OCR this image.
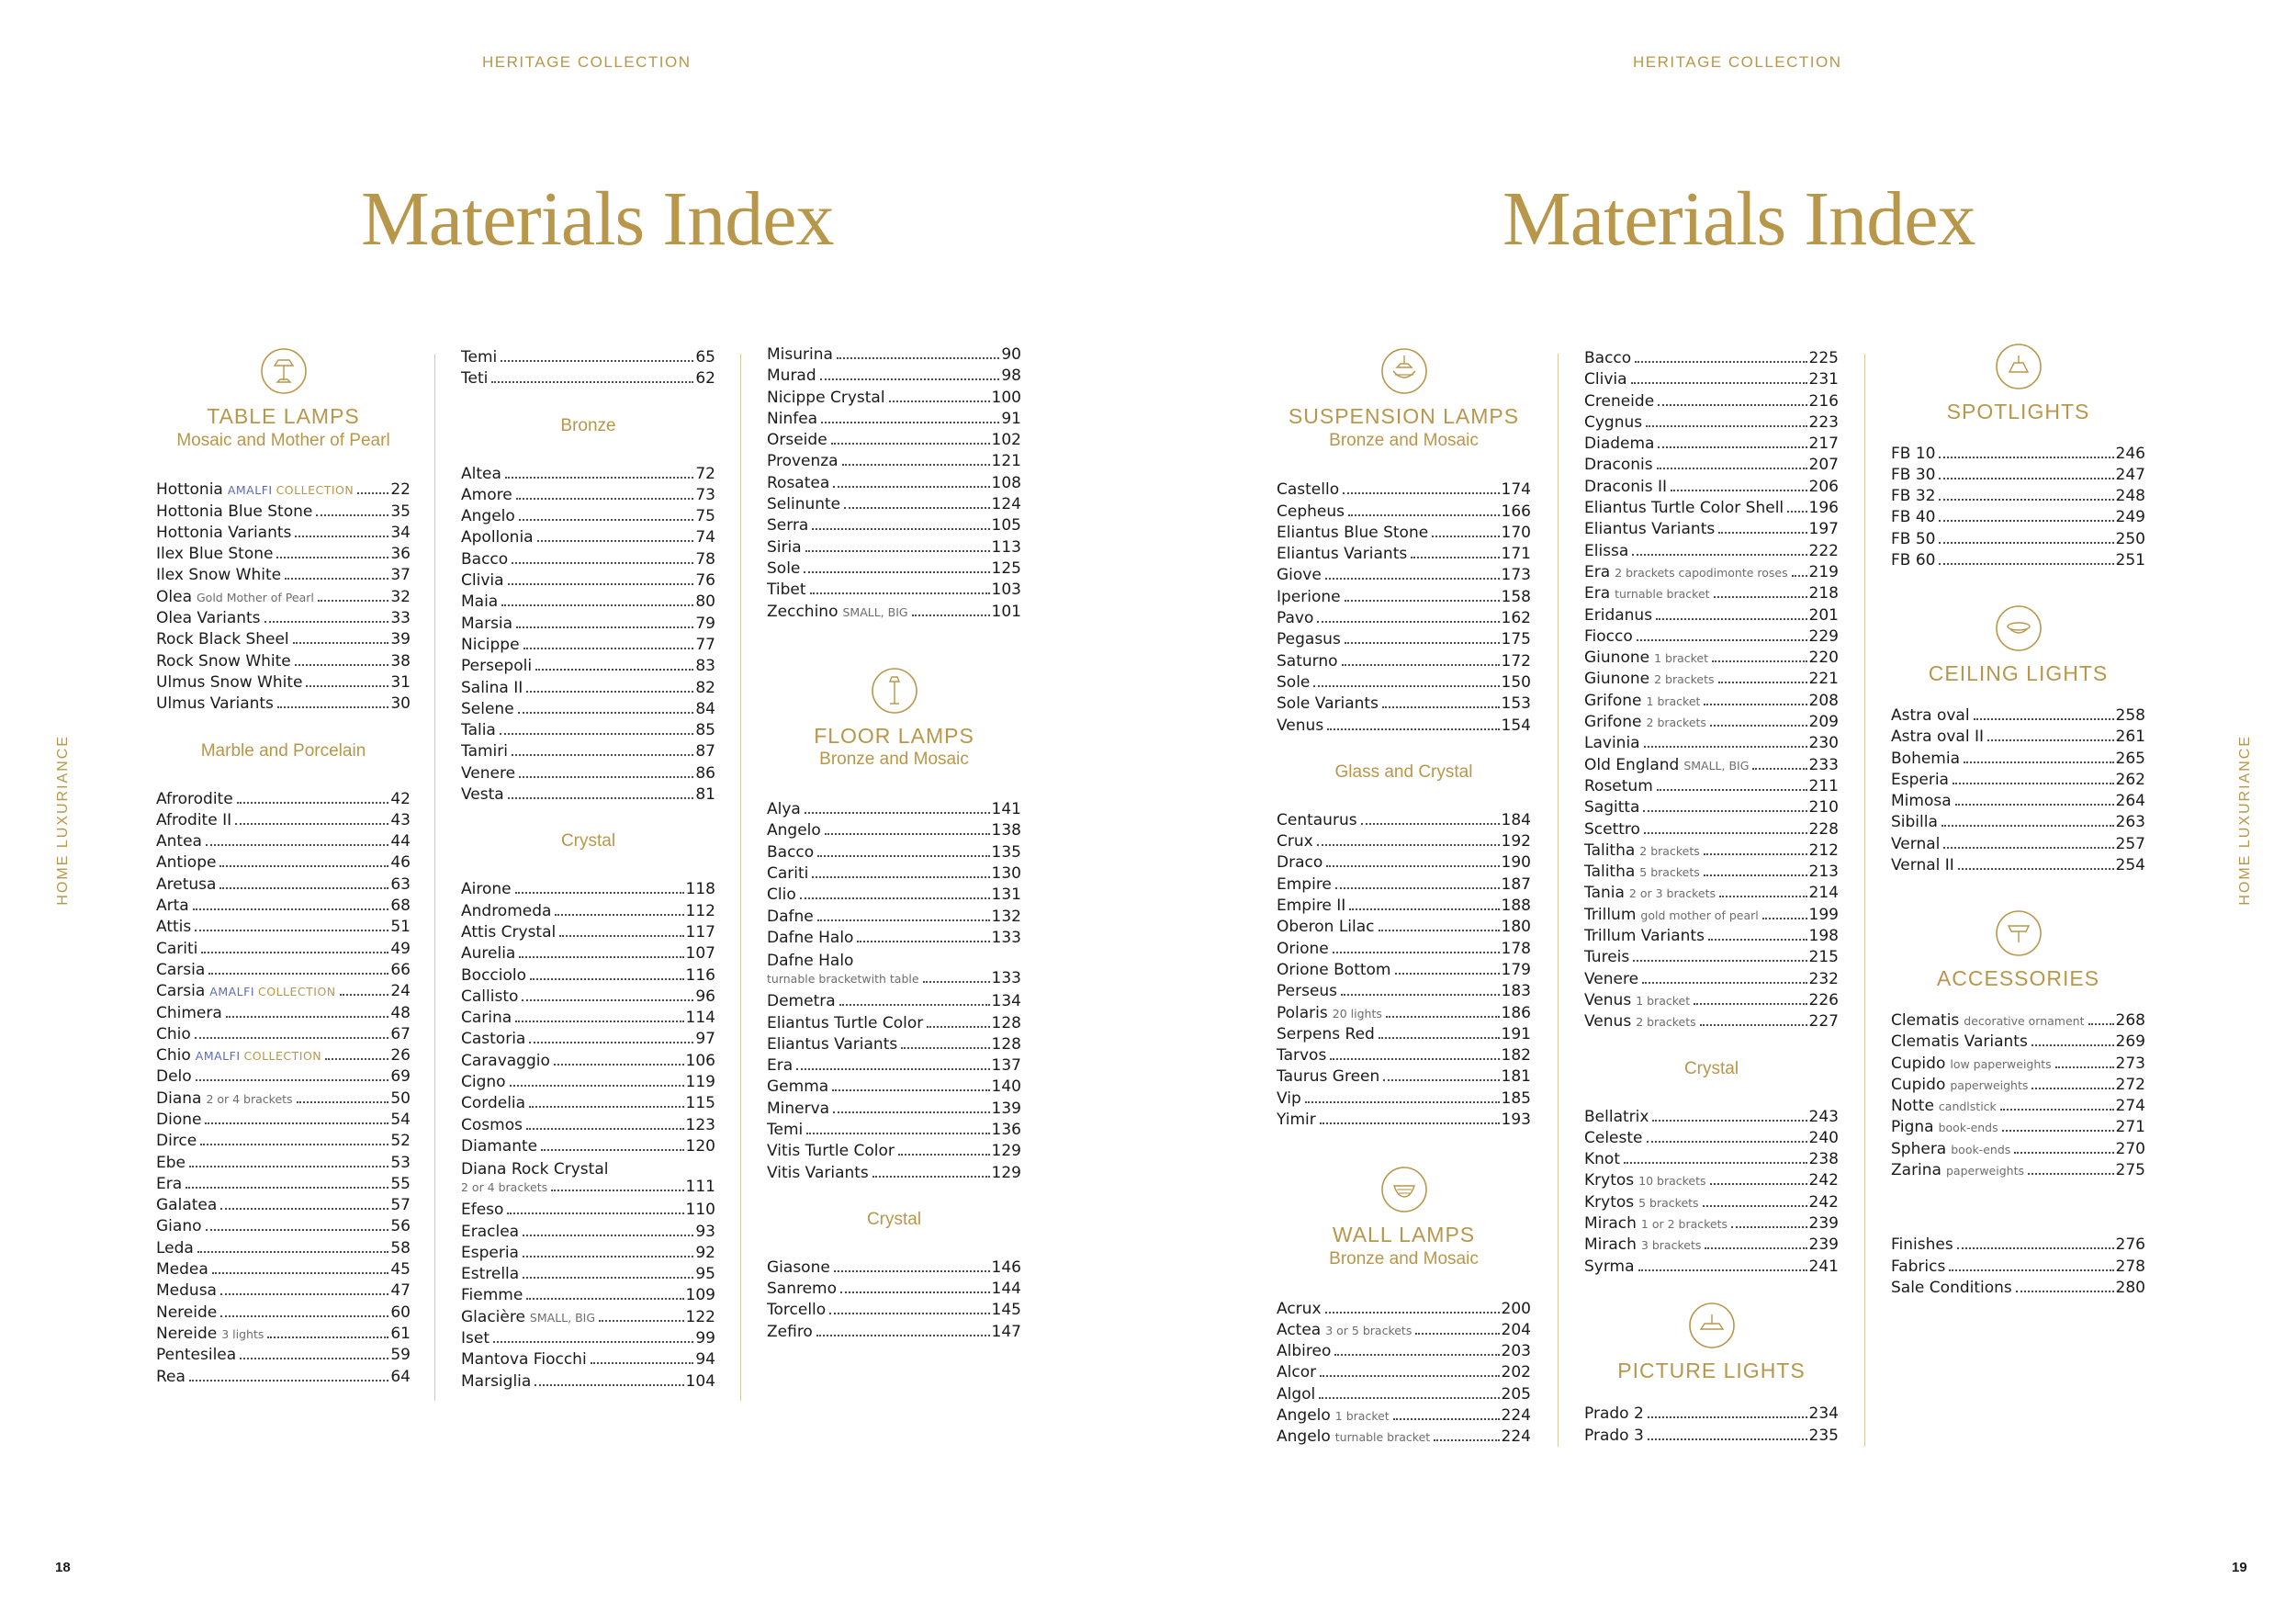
HERITAGE COLLECTION
Materials Index
HOME LUXURIANCE
18
TABLE LAMPS
Mosaic and Mother of Pearl
Hottonia AMALFI COLLECTION 22
Hottonia Blue Stone	35
Hottonia Variants	34
Ilex Blue Stone	36
Ilex Snow White	37
Olea Gold Mother of Pearl	32
Olea Variants	33
Rock Black Sheel	39
Rock Snow White	38
Ulmus Snow White	31
Ulmus Variants	30
Marble and Porcelain
Afrorodite	42
Afrodite II	43
Antea	44
Antiope	46
Aretusa	63
Arta	68
Attis	51
Cariti	49
Carsia	66
Carsia AMALFI COLLECTION	24
Chimera	48
Chio	67
Chio AMALFI COLLECTION	26
Delo	69
Diana 2 or 4 brackets	50
Dione	54
Dirce	52
Ebe	53
Era	55
Galatea	57
Giano	56
Leda	58
Medea	45
Medusa	47
Nereide	60
Nereide 3 lights	61
Pentesilea	59
Rea	64
Temi	65
Teti	62
Bronze
Altea	72
Amore	73
Angelo	75
Apollonia	74
Bacco	78
Clivia	76
Maia	80
Marsia	79
Nicippe	77
Persepoli	83
Salina II	82
Selene	84
Talia	85
Tamiri	87
Venere	86
Vesta	81
Crystal
Airone	118
Andromeda	112
Attis Crystal	117
Aurelia	107
Bocciolo	116
Callisto	96
Carina	114
Castoria	97
Caravaggio	106
Cigno	119
Cordelia	115
Cosmos	123
Diamante	120
Diana Rock Crystal
2 or 4 brackets	111
Efeso	110
Eraclea	93
Esperia	92
Estrella	95
Fiemme	109
Glacière SMALL, BIG	122
Iset	99
Mantova Fiocchi	94
Marsiglia	104
Misurina	90
Murad	98
Nicippe Crystal	100
Ninfea	91
Orseide	102
Provenza	121
Rosatea	108
Selinunte	124
Serra	105
Siria	113
Sole	125
Tibet	103
Zecchino SMALL, BIG	101
FLOOR LAMPS
Bronze and Mosaic
Alya	141
Angelo	138
Bacco	135
Cariti	130
Clio	131
Dafne	132
Dafne Halo	133
Dafne Halo
turnable bracket with table	133
Demetra	134
Eliantus Turtle Color	128
Eliantus Variants	128
Era	137
Gemma	140
Minerva	139
Temi	136
Vitis Turtle Color	129
Vitis Variants	129
Crystal
Giasone	146
Sanremo	144
Torcello	145
Zefiro	147
HERITAGE COLLECTION
Materials Index
HOME LUXURIANCE
19
SUSPENSION LAMPS
Bronze and Mosaic
Castello	174
Cepheus	166
Eliantus Blue Stone	170
Eliantus Variants	171
Giove	173
Iperione	158
Pavo	162
Pegasus	175
Saturno	172
Sole	150
Sole Variants	153
Venus	154
Glass and Crystal
Centaurus	184
Crux	192
Draco	190
Empire	187
Empire II	188
Oberon Lilac	180
Orione	178
Orione Bottom	179
Perseus	183
Polaris 20 lights	186
Serpens Red	191
Tarvos	182
Taurus Green	181
Vip	185
Yimir	193
WALL LAMPS
Bronze and Mosaic
Acrux	200
Actea 3 or 5 brackets	204
Albireo	203
Alcor	202
Algol	205
Angelo 1 bracket	224
Angelo turnable bracket	224
Bacco	225
Clivia	231
Creneide	216
Cygnus	223
Diadema	217
Draconis	207
Draconis II	206
Eliantus Turtle Color Shell 196
Eliantus Variants	197
Elissa	222
Era 2 brackets capodimonte roses 219
Era turnable bracket	218
Eridanus	201
Fiocco	229
Giunone 1 bracket	220
Giunone 2 brackets	221
Grifone 1 bracket	208
Grifone 2 brackets	209
Lavinia	230
Old England SMALL, BIG	233
Rosetum	211
Sagitta	210
Scettro	228
Talitha 2 brackets	212
Talitha 5 brackets	213
Tania 2 or 3 brackets	214
Trillum gold mother of pearl	199
Trillum Variants	198
Tureis	215
Venere	232
Venus 1 bracket	226
Venus 2 brackets	227
Crystal
Bellatrix	243
Celeste	240
Knot	238
Krytos 10 brackets	242
Krytos 5 brackets	242
Mirach 1 or 2 brackets	239
Mirach 3 brackets	239
Syrma	241
PICTURE LIGHTS
Prado 2	234
Prado 3	235
SPOTLIGHTS
FB 10	246
FB 30	247
FB 32	248
FB 40	249
FB 50	250
FB 60	251
CEILING LIGHTS
Astra oval	258
Astra oval II	261
Bohemia	265
Esperia	262
Mimosa	264
Sibilla	263
Vernal	257
Vernal II	254
ACCESSORIES
Clematis decorative ornament 268
Clematis Variants	269
Cupido low paperweights	273
Cupido paperweights	272
Notte candlstick	274
Pigna book-ends	271
Sphera book-ends	270
Zarina paperweights	275
Finishes	276
Fabrics	278
Sale Conditions	280
